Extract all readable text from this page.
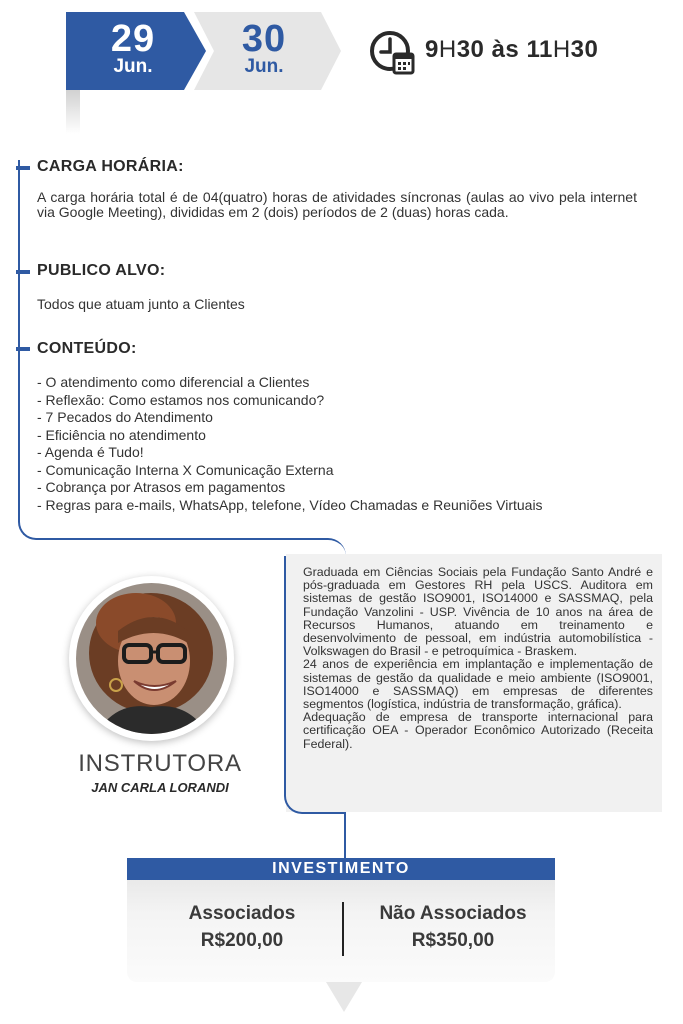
29
Jun.
30
Jun.
9H30 às 11H30
CARGA HORÁRIA:
A carga horária total é de 04(quatro) horas de atividades síncronas (aulas ao vivo pela internet via Google Meeting), divididas em 2 (dois) períodos de 2 (duas) horas cada.
PUBLICO ALVO:
Todos que atuam junto a Clientes
CONTEÚDO:
- O atendimento como diferencial a Clientes
- Reflexão: Como estamos nos comunicando?
- 7 Pecados do Atendimento
- Eficiência no atendimento
- Agenda é Tudo!
- Comunicação Interna X Comunicação Externa
- Cobrança por Atrasos em pagamentos
- Regras para e-mails, WhatsApp, telefone, Vídeo Chamadas e Reuniões Virtuais
Graduada em Ciências Sociais pela Fundação Santo André e pós-graduada em Gestores RH pela USCS. Auditora em sistemas de gestão ISO9001, ISO14000 e SASSMAQ, pela Fundação Vanzolini - USP. Vivência de 10 anos na área de Recursos Humanos, atuando em treinamento e desenvolvimento de pessoal, em indústria automobilística - Volkswagen do Brasil - e petroquímica - Braskem.
24 anos de experiência em implantação e implementação de sistemas de gestão da qualidade e meio ambiente (ISO9001, ISO14000 e SASSMAQ) em empresas de diferentes segmentos (logística, indústria de transformação, gráfica).
Adequação de empresa de transporte internacional para certificação OEA - Operador Econômico Autorizado (Receita Federal).
INSTRUTORA
JAN CARLA LORANDI
INVESTIMENTO
Associados
R$200,00
Não Associados
R$350,00
